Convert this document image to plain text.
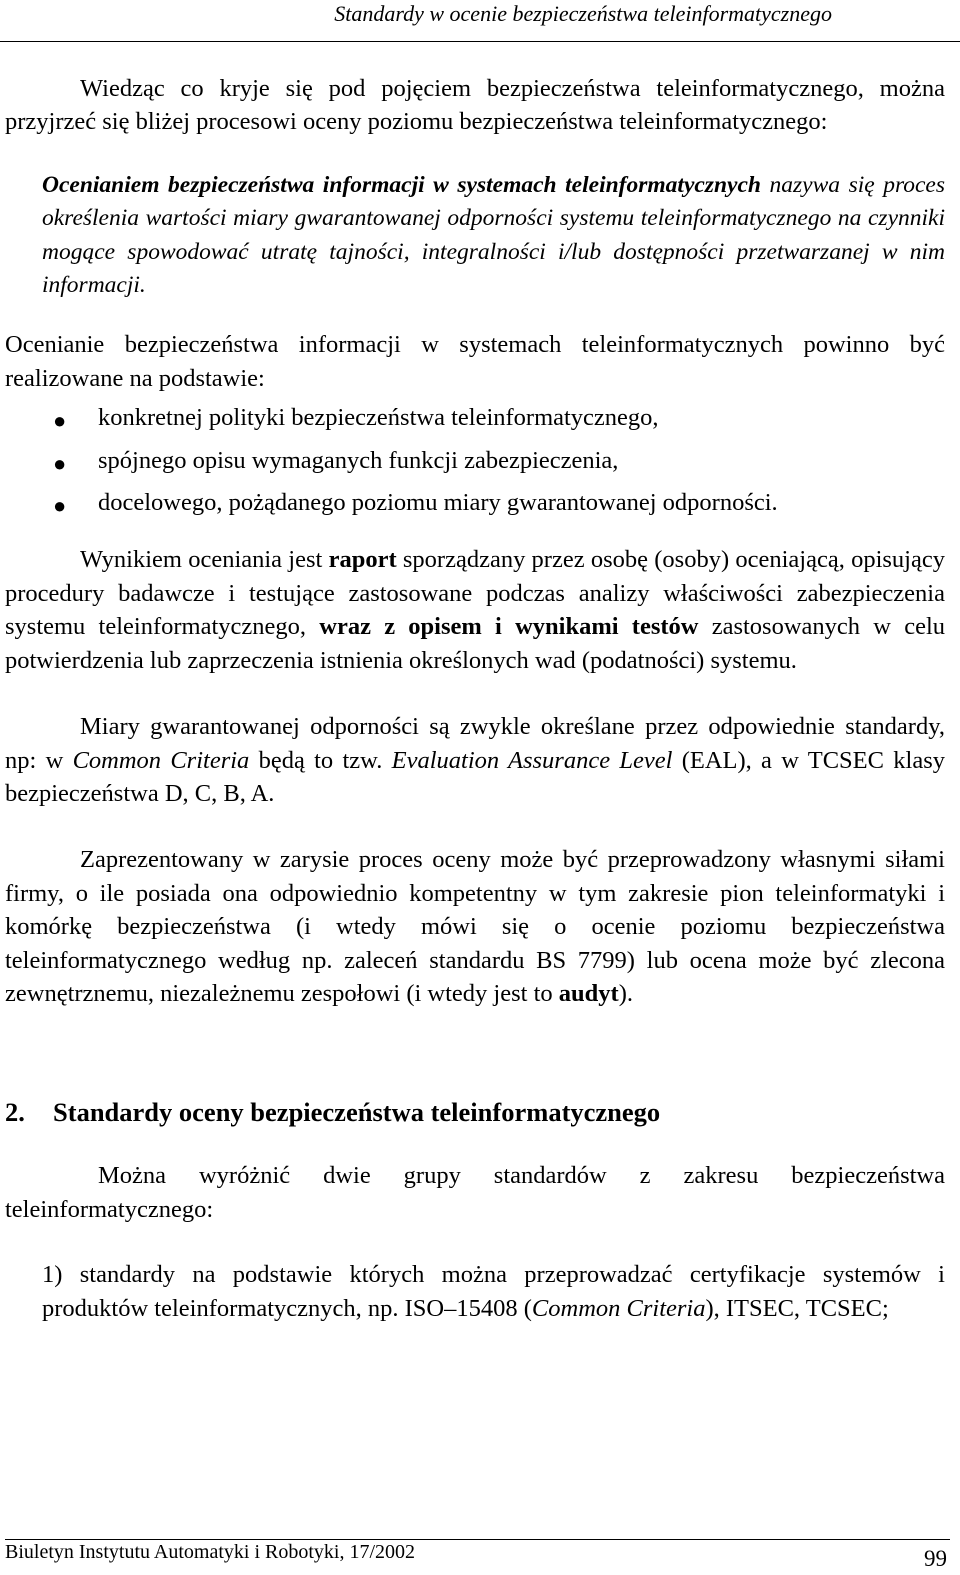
Standardy w ocenie bezpieczeństwa teleinformatycznego

Wiedząc co kryje się pod pojęciem bezpieczeństwa teleinformatycznego, można przyjrzeć się bliżej procesowi oceny poziomu bezpieczeństwa teleinformatycznego:

Ocenianiem bezpieczeństwa informacji w systemach teleinformatycznych nazywa się proces określenia wartości miary gwarantowanej odporności systemu teleinformatycznego na czynniki mogące spowodować utratę tajności, integralności i/lub dostępności przetwarzanej w nim informacji.

Ocenianie bezpieczeństwa informacji w systemach teleinformatycznych powinno być realizowane na podstawie:

● konkretnej polityki bezpieczeństwa teleinformatycznego,
● spójnego opisu wymaganych funkcji zabezpieczenia,
● docelowego, pożądanego poziomu miary gwarantowanej odporności.

Wynikiem oceniania jest raport sporządzany przez osobę (osoby) oceniającą, opisujący procedury badawcze i testujące zastosowane podczas analizy właściwości zabezpieczenia systemu teleinformatycznego, wraz z opisem i wynikami testów zastosowanych w celu potwierdzenia lub zaprzeczenia istnienia określonych wad (podatności) systemu.

Miary gwarantowanej odporności są zwykle określane przez odpowiednie standardy, np: w Common Criteria będą to tzw. Evaluation Assurance Level (EAL), a w TCSEC klasy bezpieczeństwa D, C, B, A.

Zaprezentowany w zarysie proces oceny może być przeprowadzony własnymi siłami firmy, o ile posiada ona odpowiednio kompetentny w tym zakresie pion teleinformatyki i komórkę bezpieczeństwa (i wtedy mówi się o ocenie poziomu bezpieczeństwa teleinformatycznego według np. zaleceń standardu BS 7799) lub ocena może być zlecona zewnętrznemu, niezależnemu zespołowi (i wtedy jest to audyt).

2. Standardy oceny bezpieczeństwa teleinformatycznego

Można wyróżnić dwie grupy standardów z zakresu bezpieczeństwa teleinformatycznego:

1) standardy na podstawie których można przeprowadzać certyfikacje systemów i produktów teleinformatycznych, np. ISO–15408 (Common Criteria), ITSEC, TCSEC;

Biuletyn Instytutu Automatyki i Robotyki, 17/2002	99
